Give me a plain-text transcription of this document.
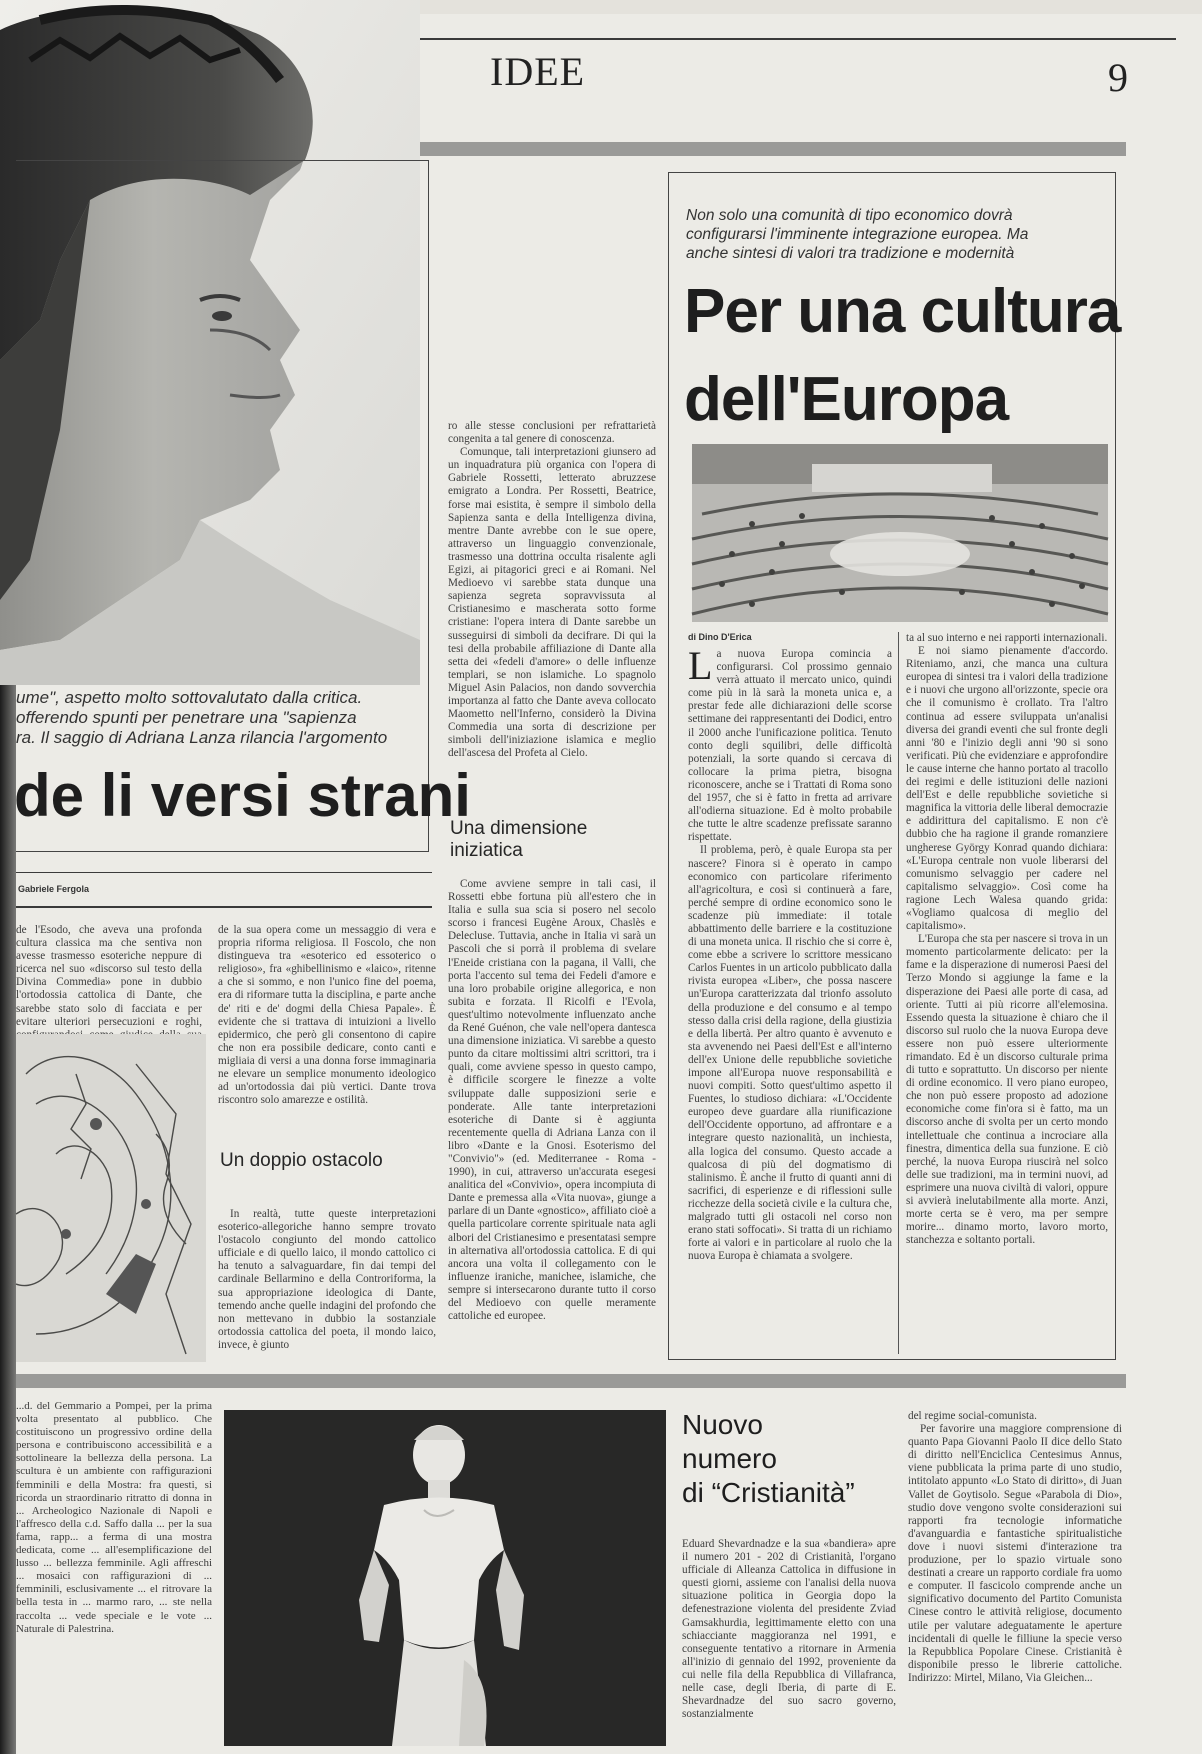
IDEE	9
ume", aspetto molto sottovalutato dalla critica.
offerendo spunti per penetrare una "sapienza
ra. Il saggio di Adriana Lanza rilancia l'argomento
de li versi strani
Gabriele Fergola

ro alle stesse conclusioni per refrattarietà congenita a tal genere di conoscenza.

Comunque, tali interpretazioni giunsero ad un inquadratura più organica con l'opera di Gabriele Rossetti, letterato abruzzese emigrato a Londra. Per Rossetti, Beatrice, forse mai esistita, è sempre il simbolo della Sapienza santa e della Intelligenza divina, mentre Dante avrebbe con le sue opere, attraverso un linguaggio convenzionale, trasmesso una dottrina occulta risalente agli Egizi, ai pitagorici greci e ai Romani. Nel Medioevo vi sarebbe stata dunque una sapienza segreta sopravvissuta al Cristianesimo e mascherata sotto forme cristiane: l'opera intera di Dante sarebbe un susseguirsi di simboli da decifrare. Di qui la tesi della probabile affiliazione di Dante alla setta dei «fedeli d'amore» o delle influenze templari, se non islamiche. Lo spagnolo Miguel Asin Palacios, non dando sovverchia importanza al fatto che Dante aveva collocato Maometto nell'Inferno, considerò la Divina Commedia una sorta di descrizione per simboli dell'iniziazione islamica e meglio dell'ascesa del Profeta al Cielo.

Una dimensione iniziatica

Come avviene sempre in tali casi, il Rossetti ebbe fortuna più all'estero che in Italia e sulla sua scia si posero nel secolo scorso i francesi Eugène Aroux, Chaslès e Delecluse. Tuttavia, anche in Italia vi sarà un Pascoli che si porrà il problema di svelare l'Eneide cristiana con la pagana, il Valli, che porta l'accento sul tema dei Fedeli d'amore e una loro probabile origine allegorica, e non subita e forzata. Il Ricolfi e l'Evola, quest'ultimo notevolmente influenzato anche da René Guénon, che vale nell'opera dantesca una dimensione iniziatica. Vi sarebbe a questo punto da citare moltissimi altri scrittori, tra i quali, come avviene spesso in questo campo, è difficile scorgere le finezze a volte sviluppate dalle supposizioni serie e ponderate. Alle tante interpretazioni esoteriche di Dante si è aggiunta recentemente quella di Adriana Lanza con il libro «Dante e la Gnosi. Esoterismo del "Convivio"» (ed. Mediterranee - Roma - 1990), in cui, attraverso un'accurata esegesi analitica del «Convivio», opera incompiuta di Dante e premessa alla «Vita nuova», giunge a parlare di un Dante «gnostico», affiliato cioè a quella particolare corrente spirituale nata agli albori del Cristianesimo e presentatasi sempre in alternativa all'ortodossia cattolica. E di qui ancora una volta il collegamento con le influenze iraniche, manichee, islamiche, che sempre si intersecarono durante tutto il corso del Medioevo con quelle meramente cattoliche ed europee.

de l'Esodo, che aveva una profonda cultura classica ma che sentiva non avesse trasmesso esoteriche neppure di ricerca nel suo «discorso sul testo della Divina Commedia» pone in dubbio l'ortodossia cattolica di Dante, che sarebbe stato solo di facciata e per evitare ulteriori persecuzioni e roghi,

de la sua opera come un messaggio di vera e propria riforma religiosa. Il Foscolo, che non distingueva tra «esoterico ed essoterico o religioso», fra «ghibellinismo e «laico», ritenne a che si sommo, e non l'unico fine del poema, era di riformare tutta la disciplina, e parte anche de' riti e de' dogmi della Chiesa Papale». È evidente che si trattava di intuizioni a livello epidermico, che però gli consentono di capire che non era possibile dedicare, conto canti e migliaia di versi a una donna forse immaginaria ne elevare un semplice monumento ideologico ad un'ortodossia dai più vertici. Dante trova riscontro solo amarezze e ostilità.

Un doppio ostacolo

In realtà, tutte queste interpretazioni esoterico-allegoriche hanno sempre trovato l'ostacolo congiunto del mondo cattolico ufficiale e di quello laico, il mondo cattolico ci ha tenuto a salvaguardare, fin dai tempi del cardinale Bellarmino e della Controriforma, la sua appropriazione ideologica di Dante, temendo anche quelle indagini del profondo che non mettevano in dubbio la sostanziale ortodossia cattolica del poeta, il mondo laico, invece, è giunto

Non solo una comunità di tipo economico dovrà
configurarsi l'imminente integrazione europea. Ma
anche sintesi di valori tra tradizione e modernità
Per una cultura
dell'Europa
di Dino D'Erica
L a nuova Europa comincia a configurarsi. Col prossimo gennaio verrà attuato il mercato unico, quindi come più in là sarà la moneta unica e, a prestar fede alle dichiarazioni delle scorse settimane dei rappresentanti dei Dodici, entro il 2000 anche l'unificazione politica. Tenuto conto degli squilibri, delle difficoltà potenziali, la sorte quando si cercava di collocare la prima pietra, bisogna riconoscere, anche se i Trattati di Roma sono del 1957, che si è fatto in fretta ad arrivare all'odierna situazione. Ed è molto probabile che tutte le altre scadenze prefissate saranno rispettate.

Il problema, però, è quale Europa sta per nascere? Finora si è operato in campo economico con particolare riferimento all'agricoltura, e così si continuerà a fare, perché sempre di ordine economico sono le scadenze più immediate: il totale abbattimento delle barriere e la costituzione di una moneta unica. Il rischio che si corre è, come ebbe a scrivere lo scrittore messicano Carlos Fuentes in un articolo pubblicato dalla rivista europea «Liber», che possa nascere un'Europa caratterizzata dal trionfo assoluto della produzione e del consumo e al tempo stesso dalla crisi della ragione, della giustizia e della libertà. Per altro quanto è avvenuto e sta avvenendo nei Paesi dell'Est e all'interno dell'ex Unione delle repubbliche sovietiche impone all'Europa nuove responsabilità e nuovi compiti. Sotto quest'ultimo aspetto il Fuentes, lo studioso dichiara: «L'Occidente europeo deve guardare alla riunificazione dell'Occidente opportuno, ad affrontare e a integrare questo nazionalità, un inchiesta, alla logica del consumo. Questo accade a qualcosa di più del dogmatismo di stalinismo. È anche il frutto di quanti anni di sacrifici, di esperienze e di riflessioni sulle ricchezze della società civile e la cultura che, malgrado tutti gli ostacoli nel corso non erano stati soffocati». Si tratta di un richiamo forte ai valori e in particolare al ruolo che la nuova Europa è chiamata a svolgere.

ta al suo interno e nei rapporti internazionali.

E noi siamo pienamente d'accordo. Riteniamo, anzi, che manca una cultura europea di sintesi tra i valori della tradizione e i nuovi che urgono all'orizzonte, specie ora che il comunismo è crollato. Tra l'altro continua ad essere sviluppata un'analisi diversa dei grandi eventi che sul fronte degli anni '80 e l'inizio degli anni '90 si sono verificati. Più che evidenziare e approfondire le cause interne che hanno portato al tracollo dei regimi e delle istituzioni delle nazioni dell'Est e delle repubbliche sovietiche si magnifica la vittoria delle liberal democrazie e addirittura del capitalismo. E non c'è dubbio che ha ragione il grande romanziere ungherese György Konrad quando dichiara: «L'Europa centrale non vuole liberarsi del comunismo selvaggio per cadere nel capitalismo selvaggio». Così come ha ragione Lech Walesa quando grida: «Vogliamo qualcosa di meglio del capitalismo».

L'Europa che sta per nascere si trova in un momento particolarmente delicato: per la fame e la disperazione di numerosi Paesi del Terzo Mondo si aggiunge la fame e la disperazione dei Paesi alle porte di casa, ad oriente. Tutti ai più ricorre all'elemosina. Essendo questa la situazione è chiaro che il discorso sul ruolo che la nuova Europa deve essere non può essere ulteriormente rimandato. Ed è un discorso culturale prima di tutto e soprattutto. Un discorso per niente di ordine economico. Il vero piano europeo, che non può essere proposto ad adozione economiche come fin'ora si è fatto, ma un discorso anche di svolta per un certo mondo intellettuale che continua a incrociare alla finestra, dimentica della sua funzione. E ciò perché, la nuova Europa riuscirà nel solco delle sue tradizioni, ma in termini nuovi, ad esprimere una nuova civiltà di valori, oppure si avvierà inelutabilmente alla morte. Anzi, morte certa se è vero, ma per sempre morire... dinamo morto, lavoro morto, stanchezza e soltanto portali.

...d. del Gemmario a Pompei, per la prima volta presentato al pubblico. Che costituiscono un progressivo ordine della persona e contribuiscono accessibilità e a sottolineare la bellezza della persona. La scultura è un ambiente con raffigurazioni femminili e della Mostra: fra questi, si ricorda un straordinario ritratto di donna in ... Archeologico Nazionale di Napoli e l'affresco della c.d. Saffo dalla ... per la sua fama, rapp... a ferma di una mostra dedicata, come ... all'esemplificazione del lusso ... bellezza femminile. Agli affreschi ... mosaici con raffigurazioni di ... femminili, esclusivamente ... el ritrovare la bella testa in ... marmo raro, ... ste nella raccolta ... vede speciale e le vote ... Naturale di Palestrina.

Nuovo
numero
di “Cristianità”

Eduard Shevardnadze e la sua «bandiera» apre il numero 201 - 202 di Cristianità, l'organo ufficiale di Alleanza Cattolica in diffusione in questi giorni, assieme con l'analisi della nuova situazione politica in Georgia dopo la defenestrazione violenta del presidente Zviad Gamsakhurdia, legittimamente eletto con una schiacciante maggioranza nel 1991, e conseguente tentativo a ritornare in Armenia all'inizio di gennaio del 1992, proveniente da cui nelle fila della Repubblica di Villafranca, nelle case, degli Iberia, di parte di E. Shevardnadze del suo sacro governo, sostanzialmente

del regime social-comunista.

Per favorire una maggiore comprensione di quanto Papa Giovanni Paolo II dice dello Stato di diritto nell'Enciclica Centesimus Annus, viene pubblicata la prima parte di uno studio, intitolato appunto «Lo Stato di diritto», di Juan Vallet de Goytisolo. Segue «Parabola di Dio», studio dove vengono svolte considerazioni sui rapporti fra tecnologie informatiche d'avanguardia e fantastiche spiritualistiche dove i nuovi sistemi d'interazione tra produzione, per lo spazio virtuale sono destinati a creare un rapporto cordiale fra uomo e computer. Il fascicolo comprende anche un significativo documento del Partito Comunista Cinese contro le attività religiose, documento utile per valutare adeguatamente le aperture incidentali di quelle le filliune la specie verso la Repubblica Popolare Cinese. Cristianità è disponibile presso le librerie cattoliche. Indirizzo: Mirtel, Milano, Via Gleichen...
